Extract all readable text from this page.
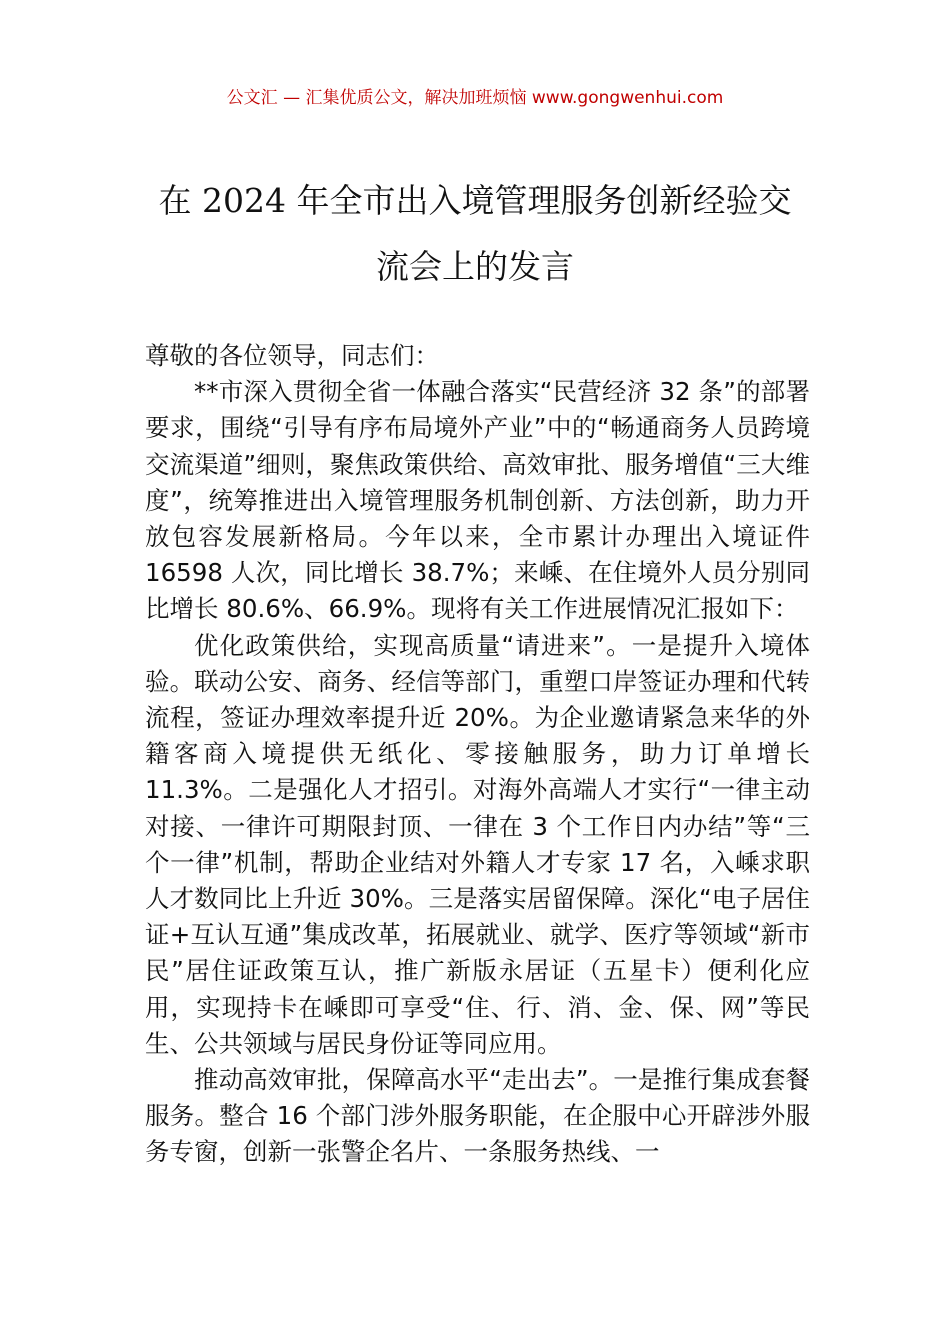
公文汇 — 汇集优质公文，解决加班烦恼 www.gongwenhui.com
在 2024 年全市出入境管理服务创新经验交
流会上的发言

尊敬的各位领导，同志们：

**市深入贯彻全省一体融合落实“民营经济 32 条”的部署要求，围绕“引导有序布局境外产业”中的“畅通商务人员跨境交流渠道”细则，聚焦政策供给、高效审批、服务增值“三大维度”，统筹推进出入境管理服务机制创新、方法创新，助力开放包容发展新格局。今年以来，全市累计办理出入境证件 16598 人次，同比增长 38.7%；来嵊、在住境外人员分别同比增长 80.6%、66.9%。现将有关工作进展情况汇报如下：

优化政策供给，实现高质量“请进来”。一是提升入境体验。联动公安、商务、经信等部门，重塑口岸签证办理和代转流程，签证办理效率提升近 20%。为企业邀请紧急来华的外籍客商入境提供无纸化、零接触服务，助力订单增长 11.3%。二是强化人才招引。对海外高端人才实行“一律主动对接、一律许可期限封顶、一律在 3 个工作日内办结”等“三个一律”机制，帮助企业结对外籍人才专家 17 名，入嵊求职人才数同比上升近 30%。三是落实居留保障。深化“电子居住证+互认互通”集成改革，拓展就业、就学、医疗等领域“新市民”居住证政策互认，推广新版永居证（五星卡）便利化应用，实现持卡在嵊即可享受“住、行、消、金、保、网”等民生、公共领域与居民身份证等同应用。

推动高效审批，保障高水平“走出去”。一是推行集成套餐服务。整合 16 个部门涉外服务职能，在企服中心开辟涉外服务专窗，创新一张警企名片、一条服务热线、一
